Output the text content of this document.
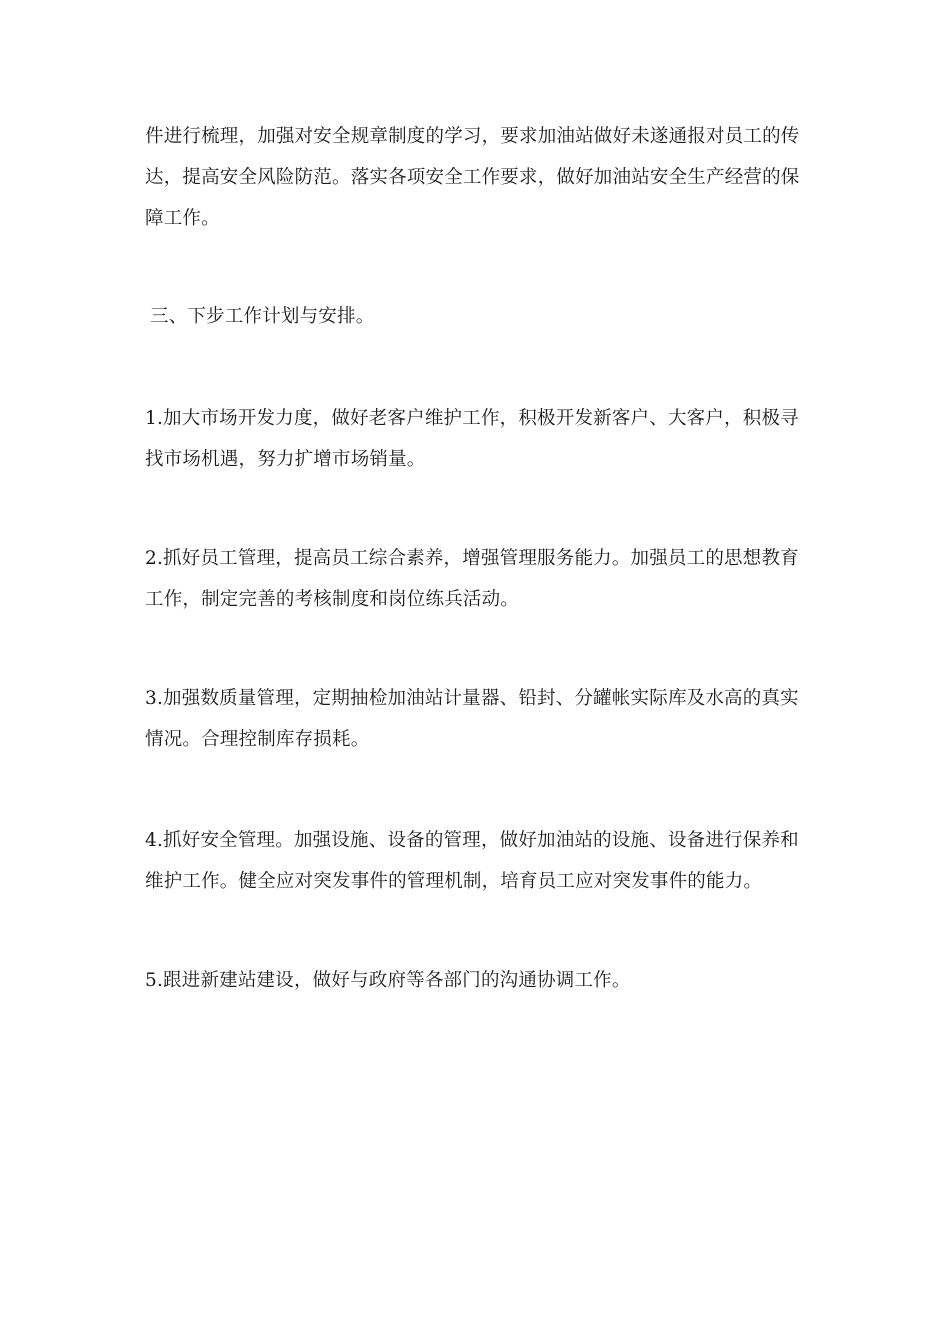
件进行梳理，加强对安全规章制度的学习，要求加油站做好未遂通报对员工的传达，提高安全风险防范。落实各项安全工作要求，做好加油站安全生产经营的保障工作。

三、下步工作计划与安排。

1.加大市场开发力度，做好老客户维护工作，积极开发新客户、大客户，积极寻找市场机遇，努力扩增市场销量。

2.抓好员工管理，提高员工综合素养，增强管理服务能力。加强员工的思想教育工作，制定完善的考核制度和岗位练兵活动。

3.加强数质量管理，定期抽检加油站计量器、铅封、分罐帐实际库及水高的真实情况。合理控制库存损耗。

4.抓好安全管理。加强设施、设备的管理，做好加油站的设施、设备进行保养和维护工作。健全应对突发事件的管理机制，培育员工应对突发事件的能力。

5.跟进新建站建设，做好与政府等各部门的沟通协调工作。
